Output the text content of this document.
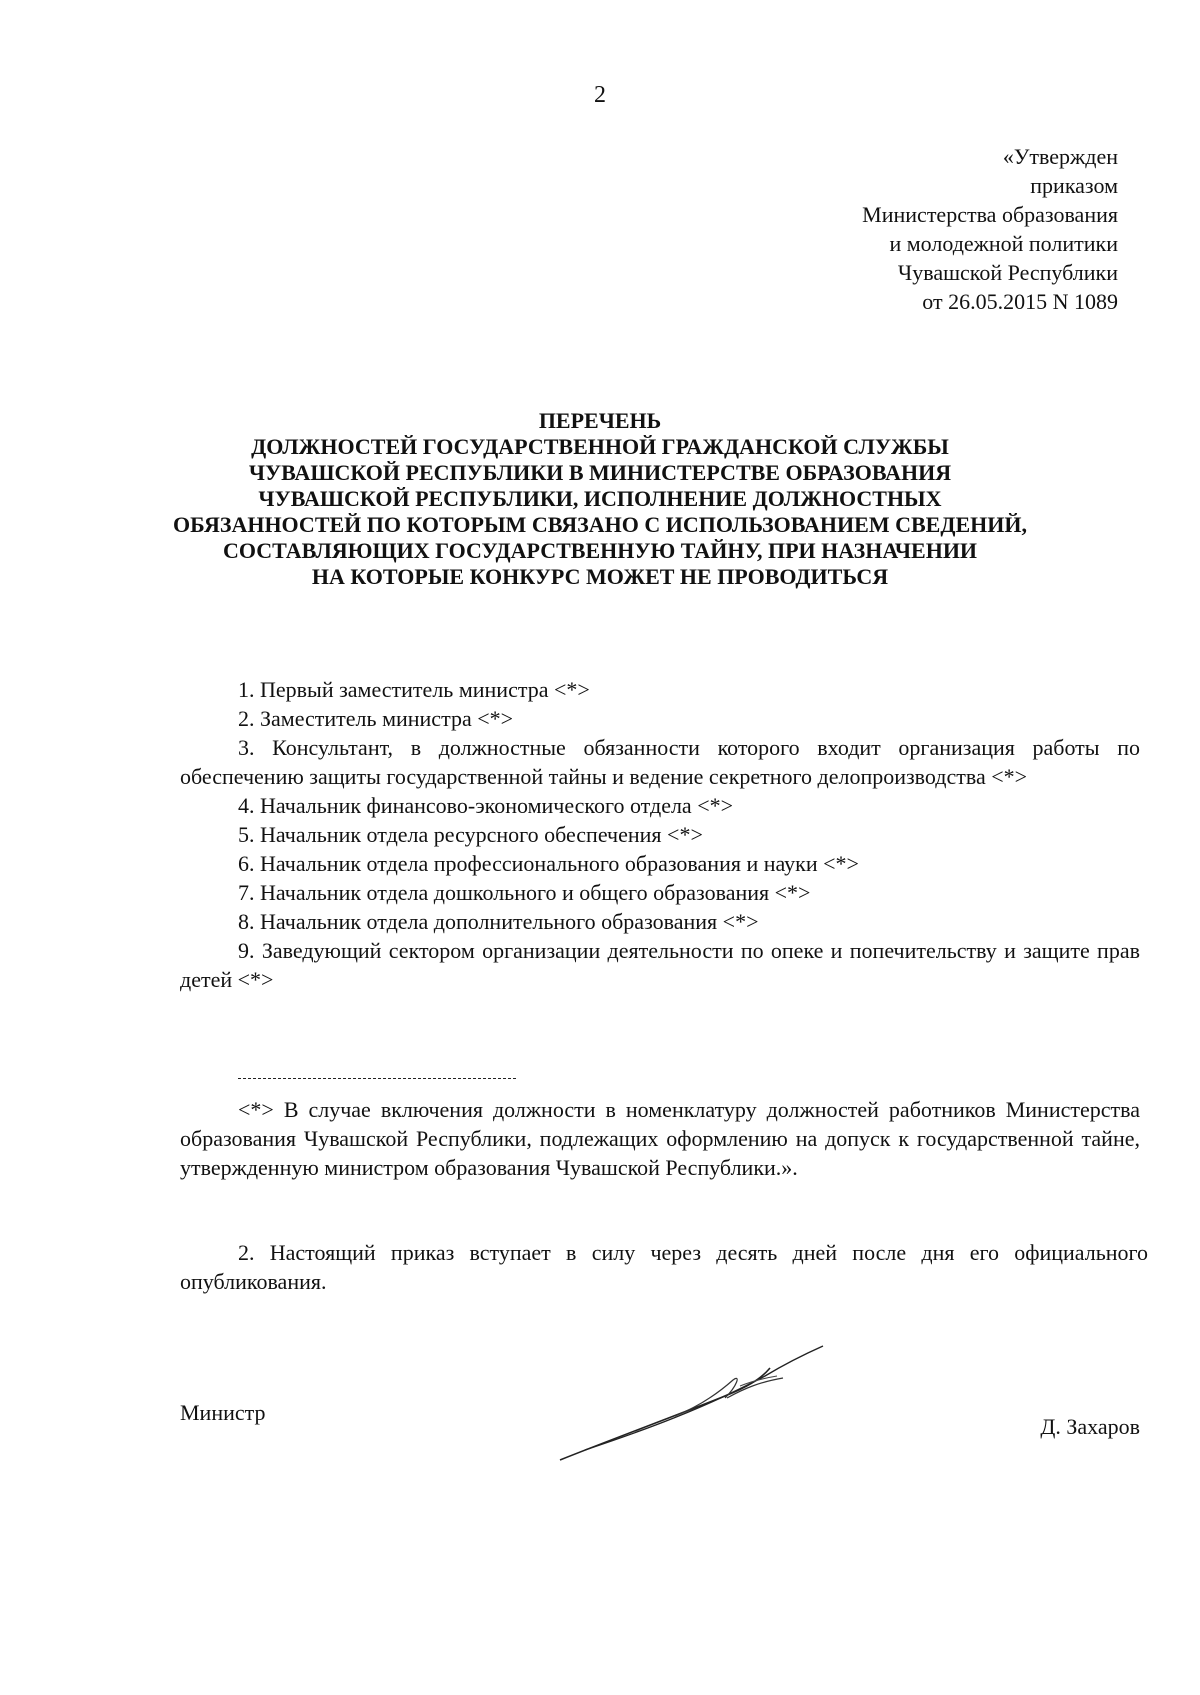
2
«Утвержден
приказом
Министерства образования
и молодежной политики
Чувашской Республики
от 26.05.2015 N 1089
ПЕРЕЧЕНЬ
ДОЛЖНОСТЕЙ ГОСУДАРСТВЕННОЙ ГРАЖДАНСКОЙ СЛУЖБЫ
ЧУВАШСКОЙ РЕСПУБЛИКИ В МИНИСТЕРСТВЕ ОБРАЗОВАНИЯ
ЧУВАШСКОЙ РЕСПУБЛИКИ, ИСПОЛНЕНИЕ ДОЛЖНОСТНЫХ
ОБЯЗАННОСТЕЙ ПО КОТОРЫМ СВЯЗАНО С ИСПОЛЬЗОВАНИЕМ СВЕДЕНИЙ,
СОСТАВЛЯЮЩИХ ГОСУДАРСТВЕННУЮ ТАЙНУ, ПРИ НАЗНАЧЕНИИ
НА КОТОРЫЕ КОНКУРС МОЖЕТ НЕ ПРОВОДИТЬСЯ

1. Первый заместитель министра <*>

2. Заместитель министра <*>

3. Консультант, в должностные обязанности которого входит организация работы по обеспечению защиты государственной тайны и ведение секретного делопроизводства <*>

4. Начальник финансово-экономического отдела <*>

5. Начальник отдела ресурсного обеспечения <*>

6. Начальник отдела профессионального образования и науки <*>

7. Начальник отдела дошкольного и общего образования <*>

8. Начальник отдела дополнительного образования <*>

9. Заведующий сектором организации деятельности по опеке и попечительству и защите прав детей <*>

<*> В случае включения должности в номенклатуру должностей работников Министерства образования Чувашской Республики, подлежащих оформлению на допуск к государственной тайне, утвержденную министром образования Чувашской Республики.».

2. Настоящий приказ вступает в силу через десять дней после дня его официального опубликования.

Министр
Д. Захаров
